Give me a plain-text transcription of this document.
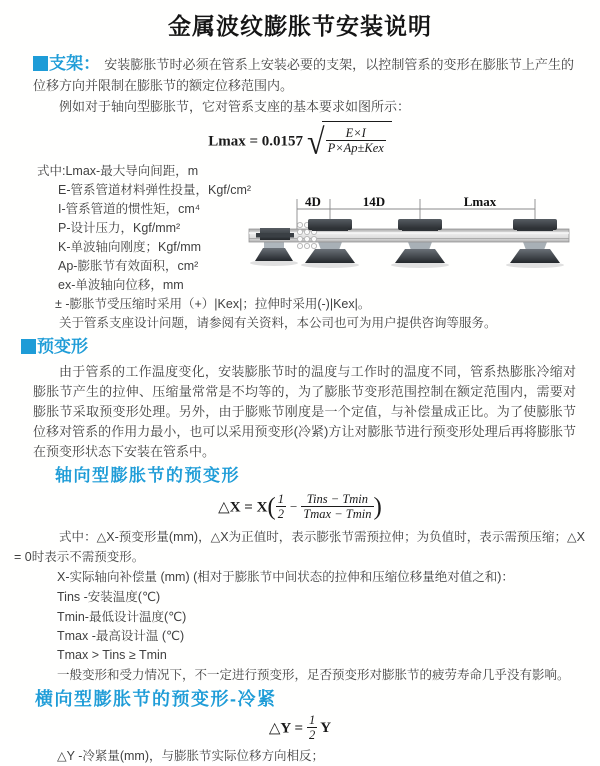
金属波纹膨胀节安装说明
支架： 安装膨胀节时必须在管系上安装必要的支架，以控制管系的变形在膨胀节上产生的位移方向并限制在膨胀节的额定位移范围内。
例如对于轴向型膨胀节，它对管系支座的基本要求如图所示：
Lmax = 0.0157 √ $\frac{E\times I}{\text{P×Ap±Kex}}$
式中:Lmax-最大导向间距，m
E-管系管道材料弹性投量，Kgf/cm²
I-管系管道的惯性矩，cm⁴
P-设计压力，Kgf/mm²
K-单波轴向刚度；Kgf/mm
Ap-膨胀节有效面积，cm²
ex-单波轴向位移，mm
± -膨胀节受压缩时采用（+）|Kex|；拉伸时采用(-)|Kex|。
关于管系支座设计问题，请参阅有关资料，本公司也可为用户提供咨询等服务。
4D	14D	Lmax
预变形
由于管系的工作温度变化，安装膨胀节时的温度与工作时的温度不同，管系热膨胀冷缩对膨胀节产生的拉伸、压缩量常常是不均等的，为了膨胀节变形范围控制在额定范围内，需要对膨胀节采取预变形处理。另外，由于膨账节刚度是一个定值，与补偿量成正比。为了使膨胀节位移对管系的作用力最小，也可以采用预变形(冷紧)方让对膨胀节进行预变形处理后再将膨胀节在预变形状态下安装在管系中。
轴向型膨胀节的预变形
△X = $X( \frac{1}{2} - \frac{\text{Tins − Tmin}}{Tmax - Tmin}$ )
式中：△X-预变形量(mm)，△X为正值时，表示膨张节需预拉伸；为负值时，表示需预压缩；△X = 0时表示不需预变形。
X-实际轴向补偿量 (mm) (相对于膨胀节中间状态的拉伸和压缩位移量绝对值之和)：
Tins -安装温度(℃)
Tmin-最低设计温度(℃)
Tmax -最高设计温 (℃)
Tmax > Tins ≥ Tmin
一般变形和受力情况下，不一定进行预变形，足否预变形对膨胀节的疲劳寿命几乎没有影响。
横向型膨胀节的预变形-冷紧
△Y = $\frac{1}{2}$ Y
△Y -冷紧量(mm)，与膨胀节实际位移方向相反；
